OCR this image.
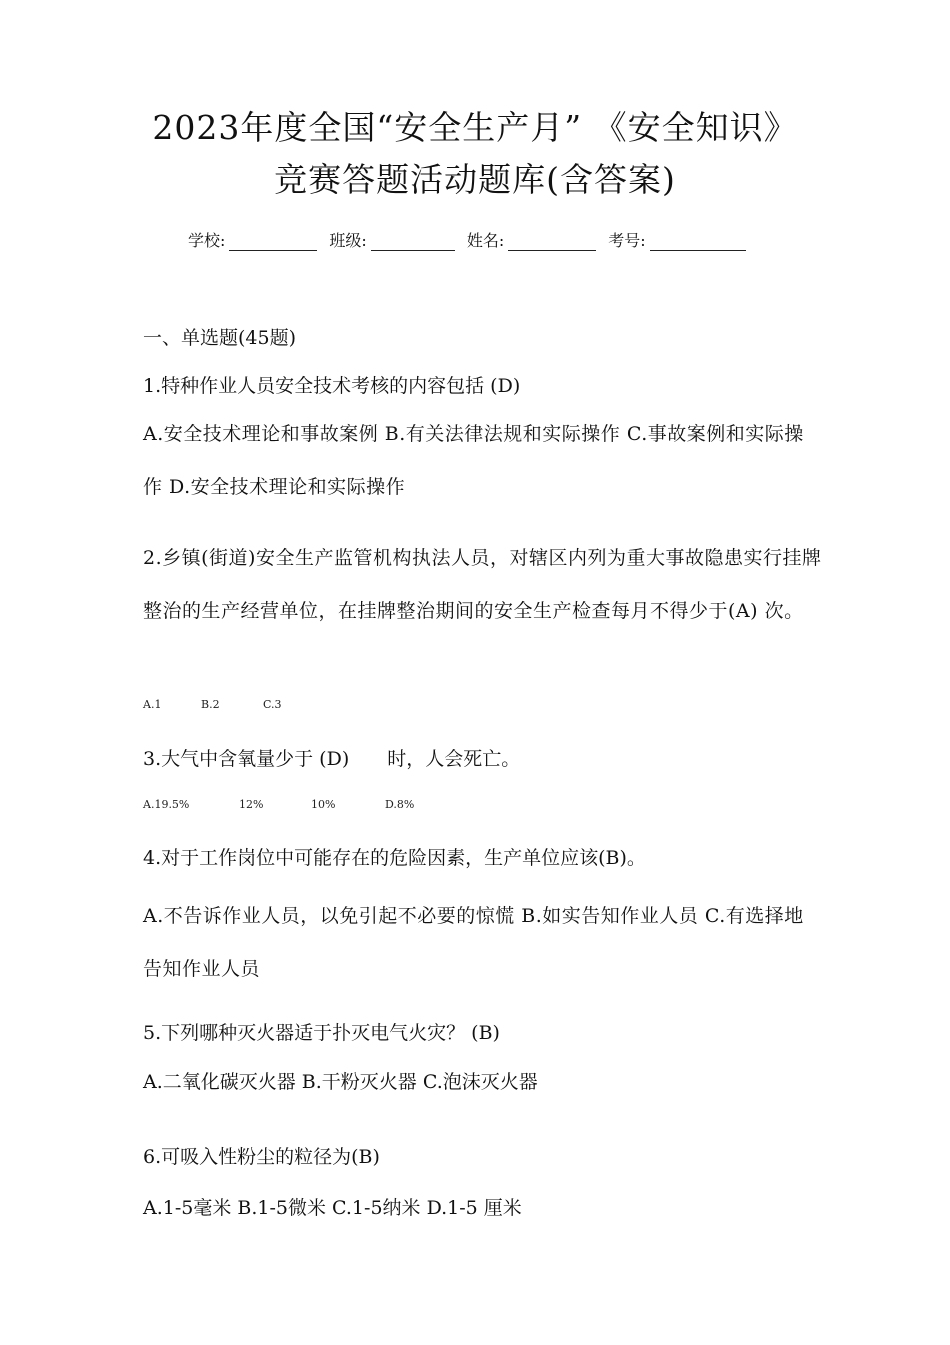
2023年度全国“安全生产月” 《安全知识》
竞赛答题活动题库(含答案)
学校:	班级:	姓名:	考号:
一、单选题(45题)
1.特种作业人员安全技术考核的内容包括 (D)
A.安全技术理论和事故案例 B.有关法律法规和实际操作 C.事故案例和实际操作 D.安全技术理论和实际操作
2.乡镇(街道)安全生产监管机构执法人员，对辖区内列为重大事故隐患实行挂牌整治的生产经营单位，在挂牌整治期间的安全生产检查每月不得少于(A) 次。
A.1	B.2	C.3
3.大气中含氧量少于 (D)　　时，人会死亡。
A.19.5%	12%	10%	D.8%
4.对于工作岗位中可能存在的危险因素，生产单位应该(B)。
A.不告诉作业人员，以免引起不必要的惊慌 B.如实告知作业人员 C.有选择地告知作业人员
5.下列哪种灭火器适于扑灭电气火灾？ (B)
A.二氧化碳灭火器 B.干粉灭火器 C.泡沫灭火器
6.可吸入性粉尘的粒径为(B)
A.1-5毫米 B.1-5微米 C.1-5纳米 D.1-5 厘米
